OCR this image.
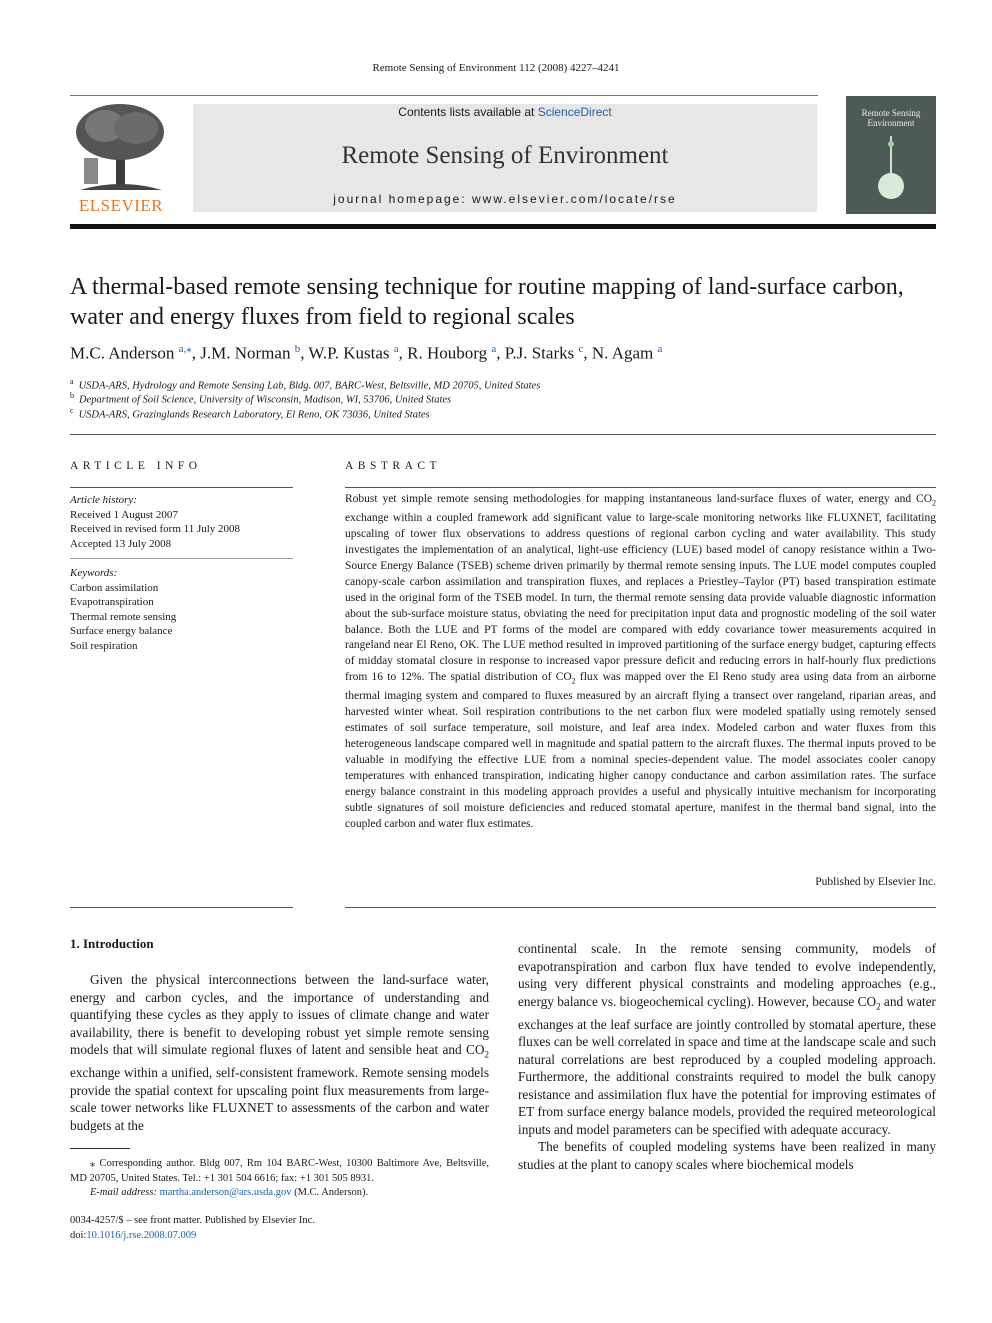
Remote Sensing of Environment 112 (2008) 4227–4241
ELSEVIER
Contents lists available at ScienceDirect
Remote Sensing of Environment
journal homepage: www.elsevier.com/locate/rse
Remote Sensing Environment
A thermal-based remote sensing technique for routine mapping of land-surface carbon, water and energy fluxes from field to regional scales
M.C. Anderson $^{a,⁎}$, J.M. Norman $^b$, W.P. Kustas $^a$, R. Houborg $^a$, P.J. Starks $^c$, N. Agam $^a$
$^a$ USDA-ARS, Hydrology and Remote Sensing Lab, Bldg. 007, BARC-West, Beltsville, MD 20705, United States
$^b$ Department of Soil Science, University of Wisconsin, Madison, WI, 53706, United States
$^c$ USDA-ARS, Grazinglands Research Laboratory, El Reno, OK 73036, United States
ARTICLE INFO
Article history:
Received 1 August 2007
Received in revised form 11 July 2008
Accepted 13 July 2008
Keywords:
Carbon assimilation
Evapotranspiration
Thermal remote sensing
Surface energy balance
Soil respiration
ABSTRACT
Robust yet simple remote sensing methodologies for mapping instantaneous land-surface fluxes of water, energy and $CO_2$ exchange within a coupled framework add significant value to large-scale monitoring networks like FLUXNET, facilitating upscaling of tower flux observations to address questions of regional carbon cycling and water availability. This study investigates the implementation of an analytical, light-use efficiency (LUE) based model of canopy resistance within a Two-Source Energy Balance (TSEB) scheme driven primarily by thermal remote sensing inputs. The LUE model computes coupled canopy-scale carbon assimilation and transpiration fluxes, and replaces a Priestley–Taylor (PT) based transpiration estimate used in the original form of the TSEB model. In turn, the thermal remote sensing data provide valuable diagnostic information about the sub-surface moisture status, obviating the need for precipitation input data and prognostic modeling of the soil water balance. Both the LUE and PT forms of the model are compared with eddy covariance tower measurements acquired in rangeland near El Reno, OK. The LUE method resulted in improved partitioning of the surface energy budget, capturing effects of midday stomatal closure in response to increased vapor pressure deficit and reducing errors in half-hourly flux predictions from 16 to 12%. The spatial distribution of $CO_2$ flux was mapped over the El Reno study area using data from an airborne thermal imaging system and compared to fluxes measured by an aircraft flying a transect over rangeland, riparian areas, and harvested winter wheat. Soil respiration contributions to the net carbon flux were modeled spatially using remotely sensed estimates of soil surface temperature, soil moisture, and leaf area index. Modeled carbon and water fluxes from this heterogeneous landscape compared well in magnitude and spatial pattern to the aircraft fluxes. The thermal inputs proved to be valuable in modifying the effective LUE from a nominal species-dependent value. The model associates cooler canopy temperatures with enhanced transpiration, indicating higher canopy conductance and carbon assimilation rates. The surface energy balance constraint in this modeling approach provides a useful and physically intuitive mechanism for incorporating subtle signatures of soil moisture deficiencies and reduced stomatal aperture, manifest in the thermal band signal, into the coupled carbon and water flux estimates.
Published by Elsevier Inc.
1. Introduction

Given the physical interconnections between the land-surface water, energy and carbon cycles, and the importance of understanding and quantifying these cycles as they apply to issues of climate change and water availability, there is benefit to developing robust yet simple remote sensing models that will simulate regional fluxes of latent and sensible heat and $CO_2$ exchange within a unified, self-consistent framework. Remote sensing models provide the spatial context for upscaling point flux measurements from large-scale tower networks like FLUXNET to assessments of the carbon and water budgets at the

continental scale. In the remote sensing community, models of evapotranspiration and carbon flux have tended to evolve independently, using very different physical constraints and modeling approaches (e.g., energy balance vs. biogeochemical cycling). However, because $CO_2$ and water exchanges at the leaf surface are jointly controlled by stomatal aperture, these fluxes can be well correlated in space and time at the landscape scale and such natural correlations are best reproduced by a coupled modeling approach. Furthermore, the additional constraints required to model the bulk canopy resistance and assimilation flux have the potential for improving estimates of ET from surface energy balance models, provided the required meteorological inputs and model parameters can be specified with adequate accuracy.

The benefits of coupled modeling systems have been realized in many studies at the plant to canopy scales where biochemical models

⁎ Corresponding author. Bldg 007, Rm 104 BARC-West, 10300 Baltimore Ave, Beltsville, MD 20705, United States. Tel.: +1 301 504 6616; fax: +1 301 505 8931.
E-mail address: martha.anderson@ars.usda.gov (M.C. Anderson).
0034-4257/$ – see front matter. Published by Elsevier Inc.
doi:10.1016/j.rse.2008.07.009
